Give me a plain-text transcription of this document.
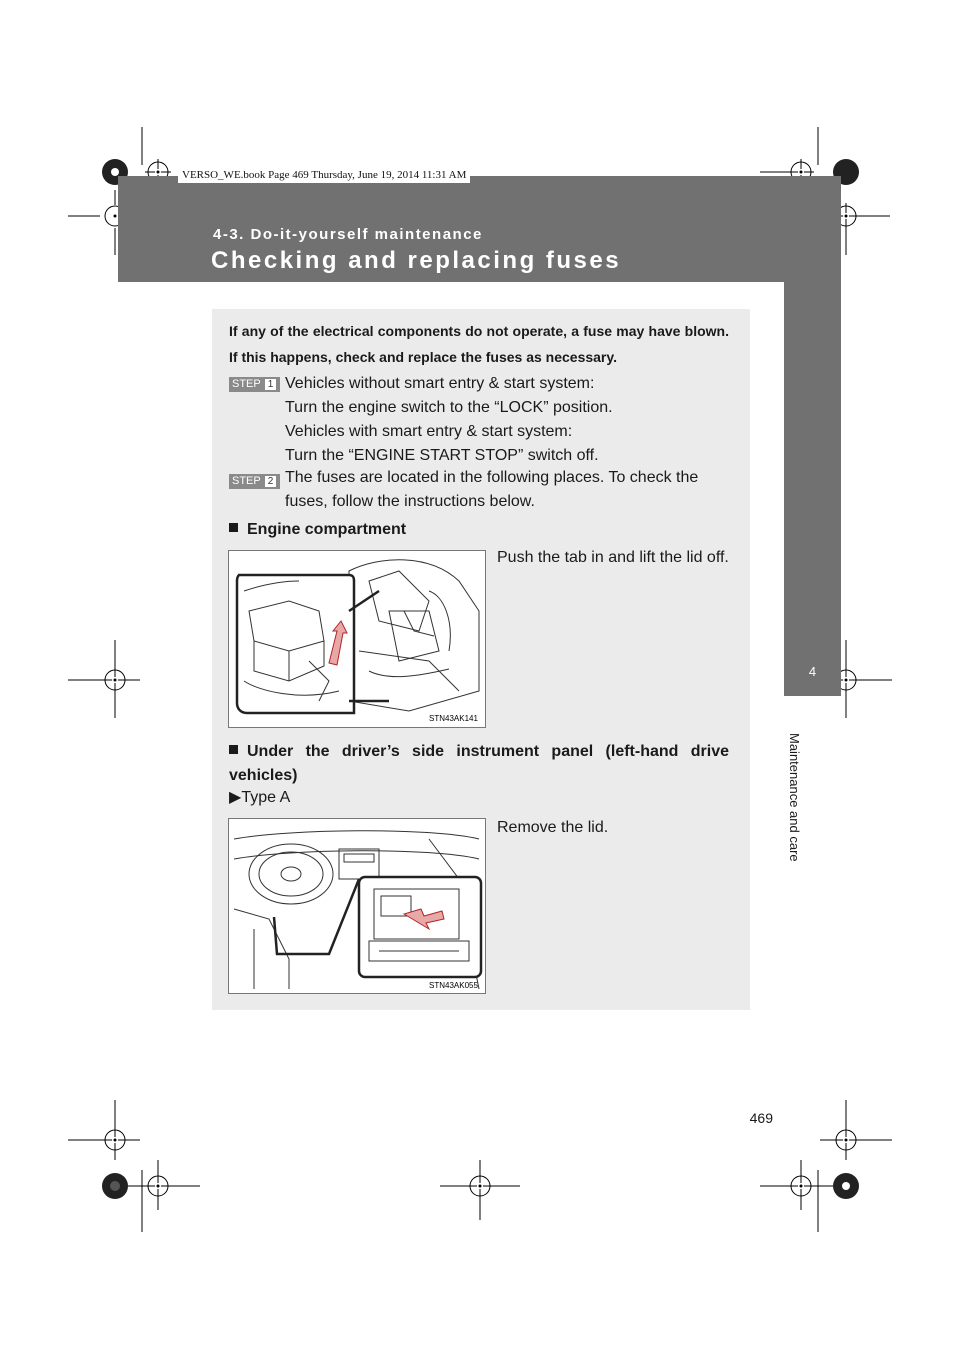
VERSO_WE.book Page 469 Thursday, June 19, 2014 11:31 AM
4-3. Do-it-yourself maintenance
Checking and replacing fuses
4
Maintenance and care
If any of the electrical components do not operate, a fuse may have blown. If this happens, check and replace the fuses as necessary.
STEP 1 Vehicles without smart entry & start system:
Turn the engine switch to the “LOCK” position.
Vehicles with smart entry & start system:
Turn the “ENGINE START STOP” switch off.
STEP 2 The fuses are located in the following places. To check the
fuses, follow the instructions below.
Engine compartment
Push the tab in and lift the lid off.
STN43AK141
Under the driver’s side instrument panel (left-hand drive vehicles)
▶Type A
Remove the lid.
STN43AK055
469
